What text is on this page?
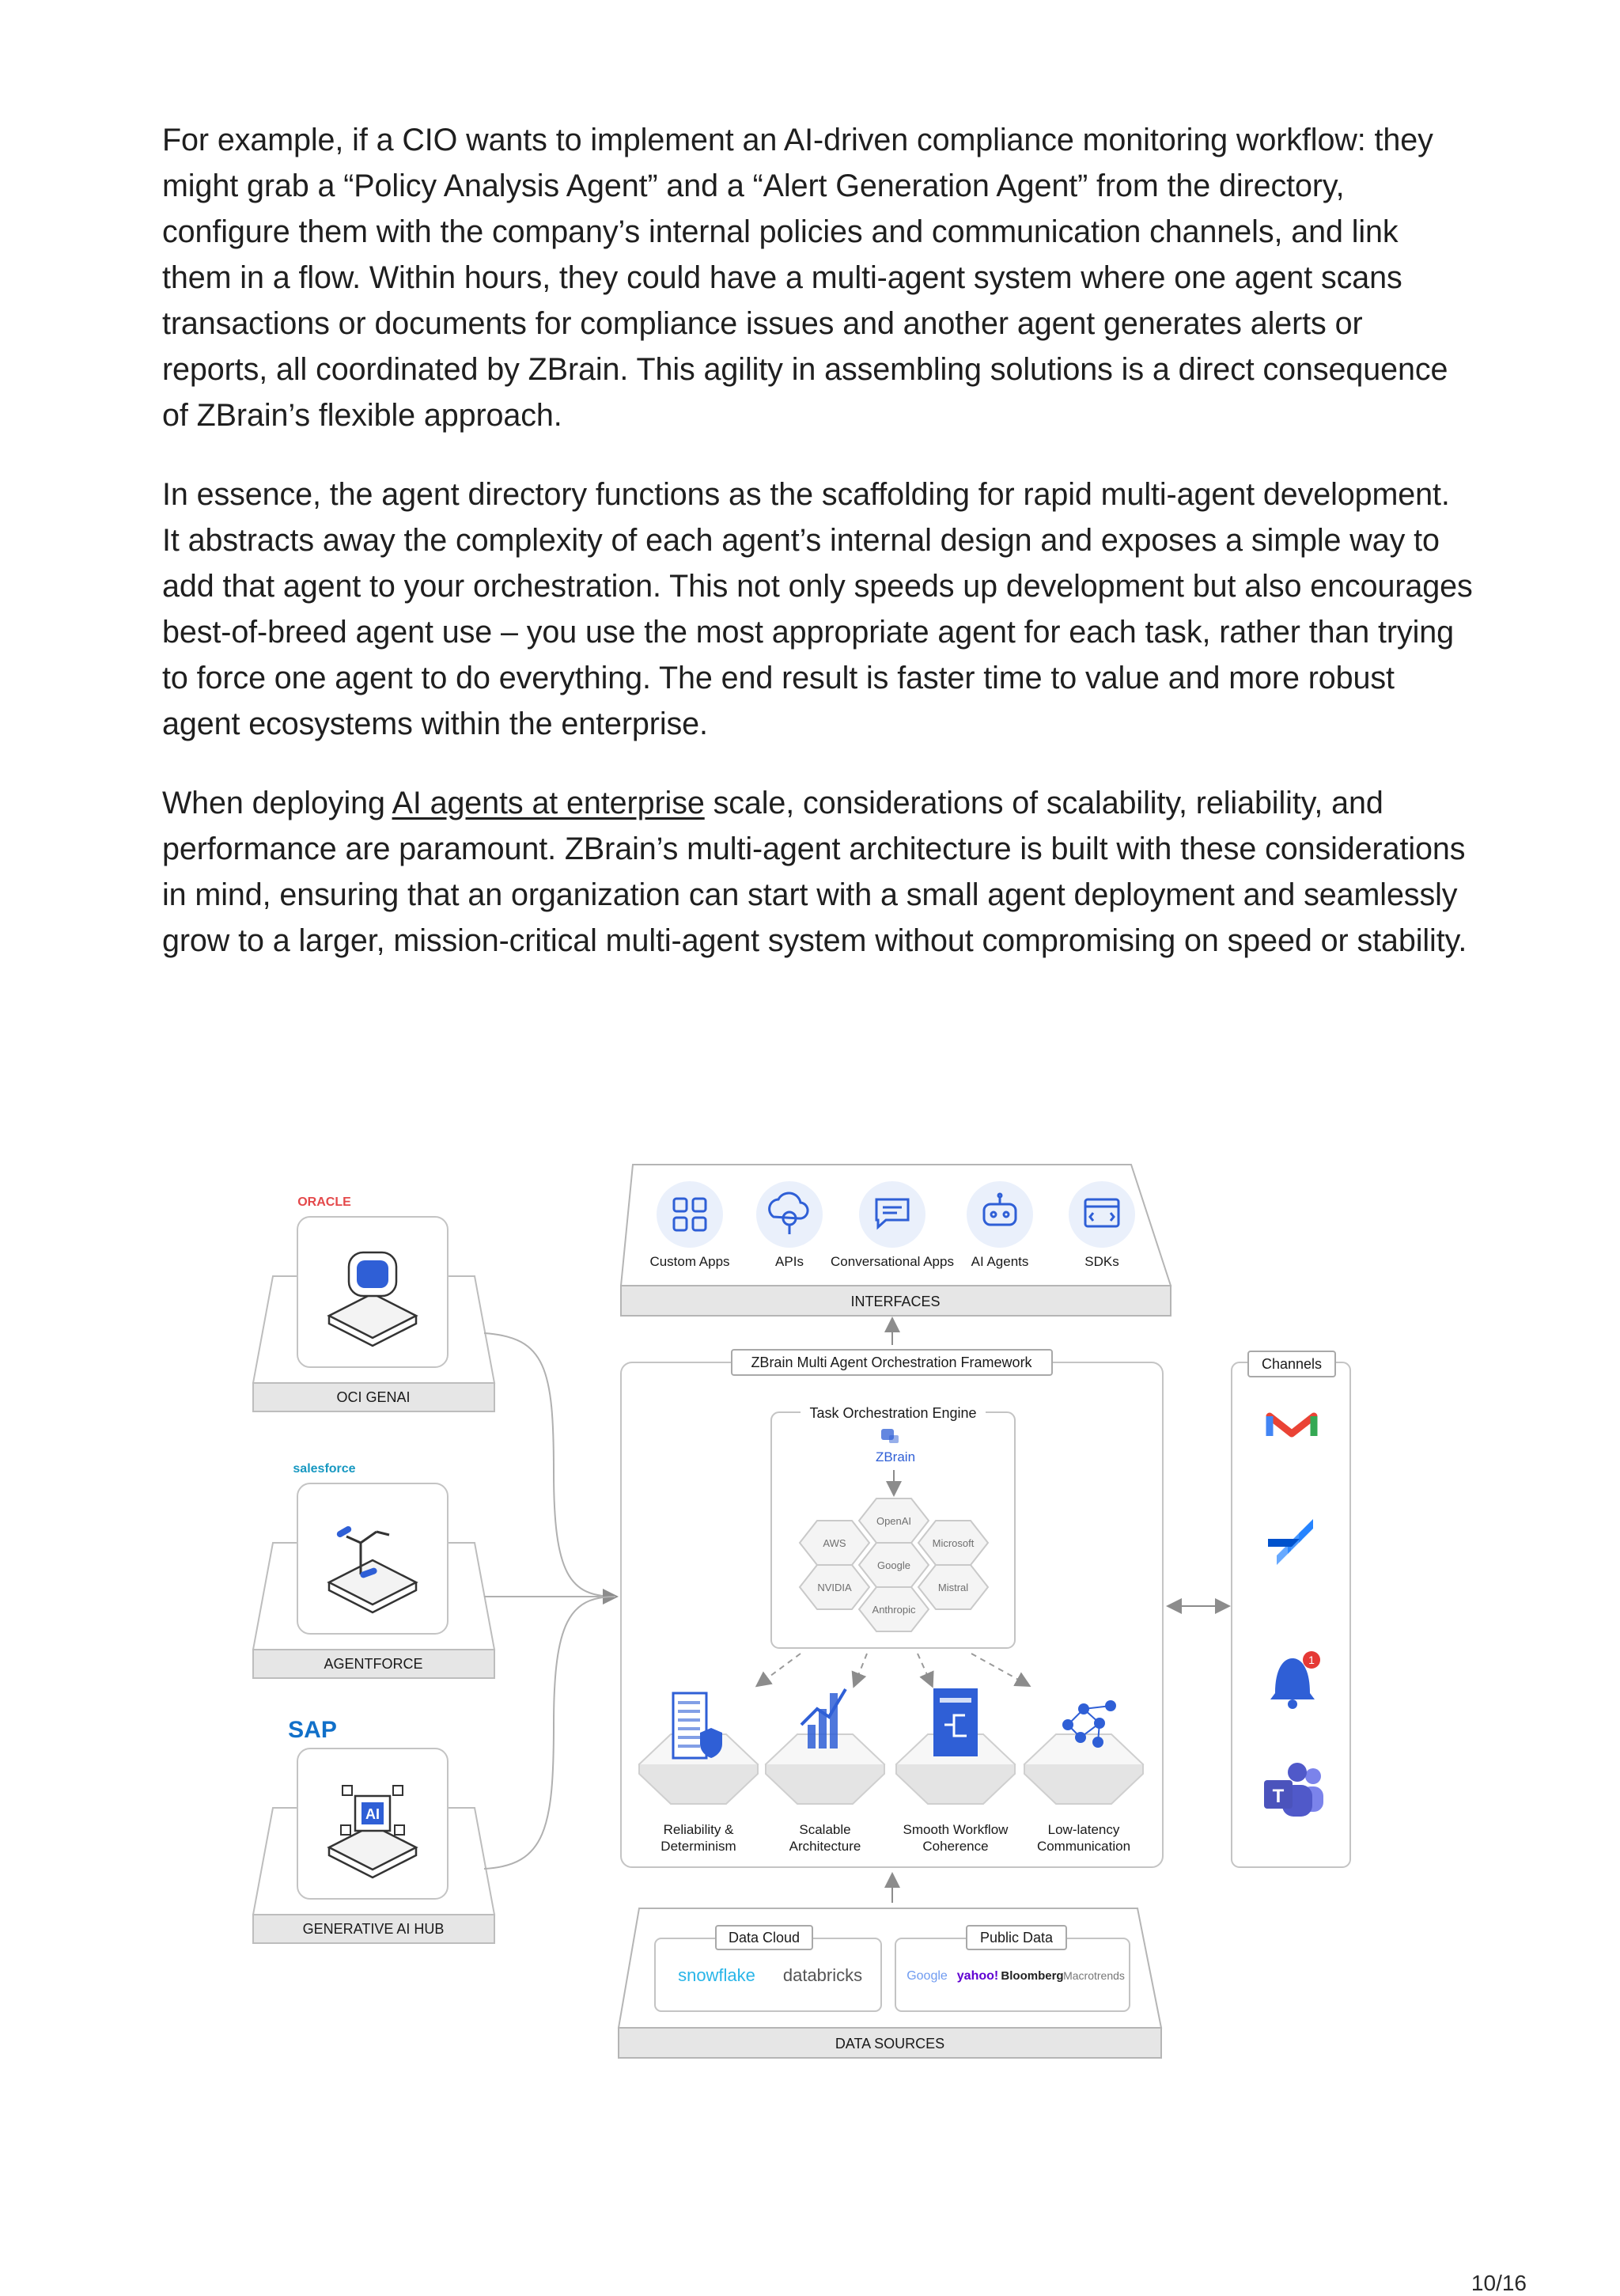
For example, if a CIO wants to implement an AI-driven compliance monitoring workflow: they might grab a “Policy Analysis Agent” and a “Alert Generation Agent” from the directory, configure them with the company’s internal policies and communication channels, and link them in a flow. Within hours, they could have a multi-agent system where one agent scans transactions or documents for compliance issues and another agent generates alerts or reports, all coordinated by ZBrain. This agility in assembling solutions is a direct consequence of ZBrain’s flexible approach.

In essence, the agent directory functions as the scaffolding for rapid multi-agent development. It abstracts away the complexity of each agent’s internal design and exposes a simple way to add that agent to your orchestration. This not only speeds up development but also encourages best-of-breed agent use – you use the most appropriate agent for each task, rather than trying to force one agent to do everything. The end result is faster time to value and more robust agent ecosystems within the enterprise.

When deploying AI agents at enterprise scale, considerations of scalability, reliability, and performance are paramount. ZBrain’s multi-agent architecture is built with these considerations in mind, ensuring that an organization can start with a small agent deployment and seamlessly grow to a larger, mission-critical multi-agent system without compromising on speed or stability.

INTERFACES
Custom Apps	APIs Conversational Apps AI Agents	SDKs
ZBrain Multi Agent Orchestration Framework
Task Orchestration Engine
ZBrain
OpenAI
AWS	Microsoft
Google
NVIDIA	Mistral
Anthropic
Reliability &
Determinism
Scalable
Architecture
Smooth Workflow
Coherence
Low-latency
Communication
ORACLE
OCI GENAI
salesforce
AGENTFORCE
SAP
AI
GENERATIVE AI HUB
Channels
1
T
DATA SOURCES
Data Cloud
snowflake databricks
Public Data
Google yahoo! Bloomberg Macrotrends
10/16
